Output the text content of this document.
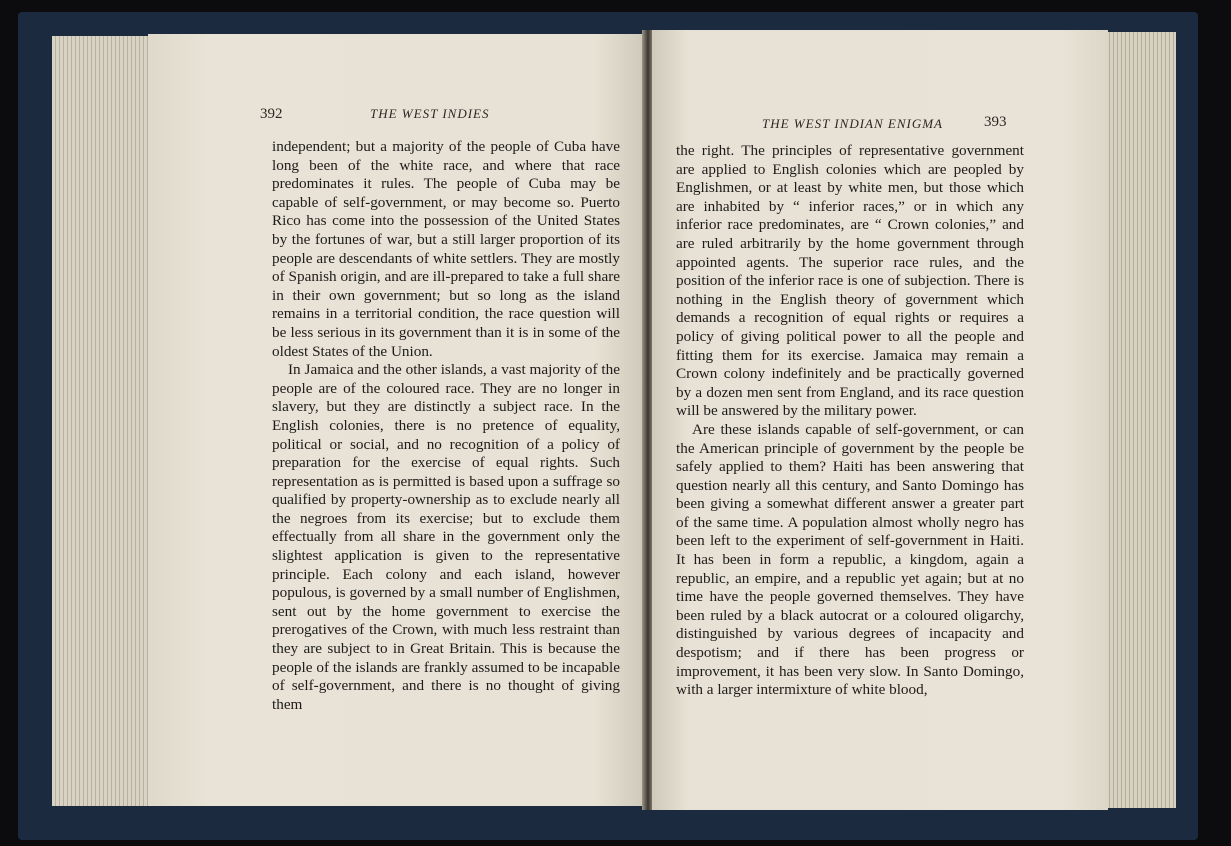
392	THE WEST INDIES

independent; but a majority of the people of Cuba have long been of the white race, and where that race predominates it rules. The people of Cuba may be capable of self-government, or may become so. Puerto Rico has come into the possession of the United States by the fortunes of war, but a still larger proportion of its people are descendants of white settlers. They are mostly of Spanish origin, and are ill-prepared to take a full share in their own government; but so long as the island remains in a territorial condition, the race question will be less serious in its government than it is in some of the oldest States of the Union.

In Jamaica and the other islands, a vast majority of the people are of the coloured race. They are no longer in slavery, but they are distinctly a subject race. In the English colonies, there is no pretence of equality, political or social, and no recognition of a policy of preparation for the exercise of equal rights. Such representation as is permitted is based upon a suffrage so qualified by property-ownership as to exclude nearly all the negroes from its exercise; but to exclude them effectually from all share in the government only the slightest application is given to the representative principle. Each colony and each island, however populous, is governed by a small number of Englishmen, sent out by the home government to exercise the prerogatives of the Crown, with much less restraint than they are subject to in Great Britain. This is because the people of the islands are frankly assumed to be incapable of self-government, and there is no thought of giving them

THE WEST INDIAN ENIGMA	393

the right. The principles of representative government are applied to English colonies which are peopled by Englishmen, or at least by white men, but those which are inhabited by “ inferior races,” or in which any inferior race predominates, are “ Crown colonies,” and are ruled arbitrarily by the home government through appointed agents. The superior race rules, and the position of the inferior race is one of subjection. There is nothing in the English theory of government which demands a recognition of equal rights or requires a policy of giving political power to all the people and fitting them for its exercise. Jamaica may remain a Crown colony indefinitely and be practically governed by a dozen men sent from England, and its race question will be answered by the military power.

Are these islands capable of self-government, or can the American principle of government by the people be safely applied to them? Haiti has been answering that question nearly all this century, and Santo Domingo has been giving a somewhat different answer a greater part of the same time. A population almost wholly negro has been left to the experiment of self-government in Haiti. It has been in form a republic, a kingdom, again a republic, an empire, and a republic yet again; but at no time have the people governed themselves. They have been ruled by a black autocrat or a coloured oligarchy, distinguished by various degrees of incapacity and despotism; and if there has been progress or improvement, it has been very slow. In Santo Domingo, with a larger intermixture of white blood,
